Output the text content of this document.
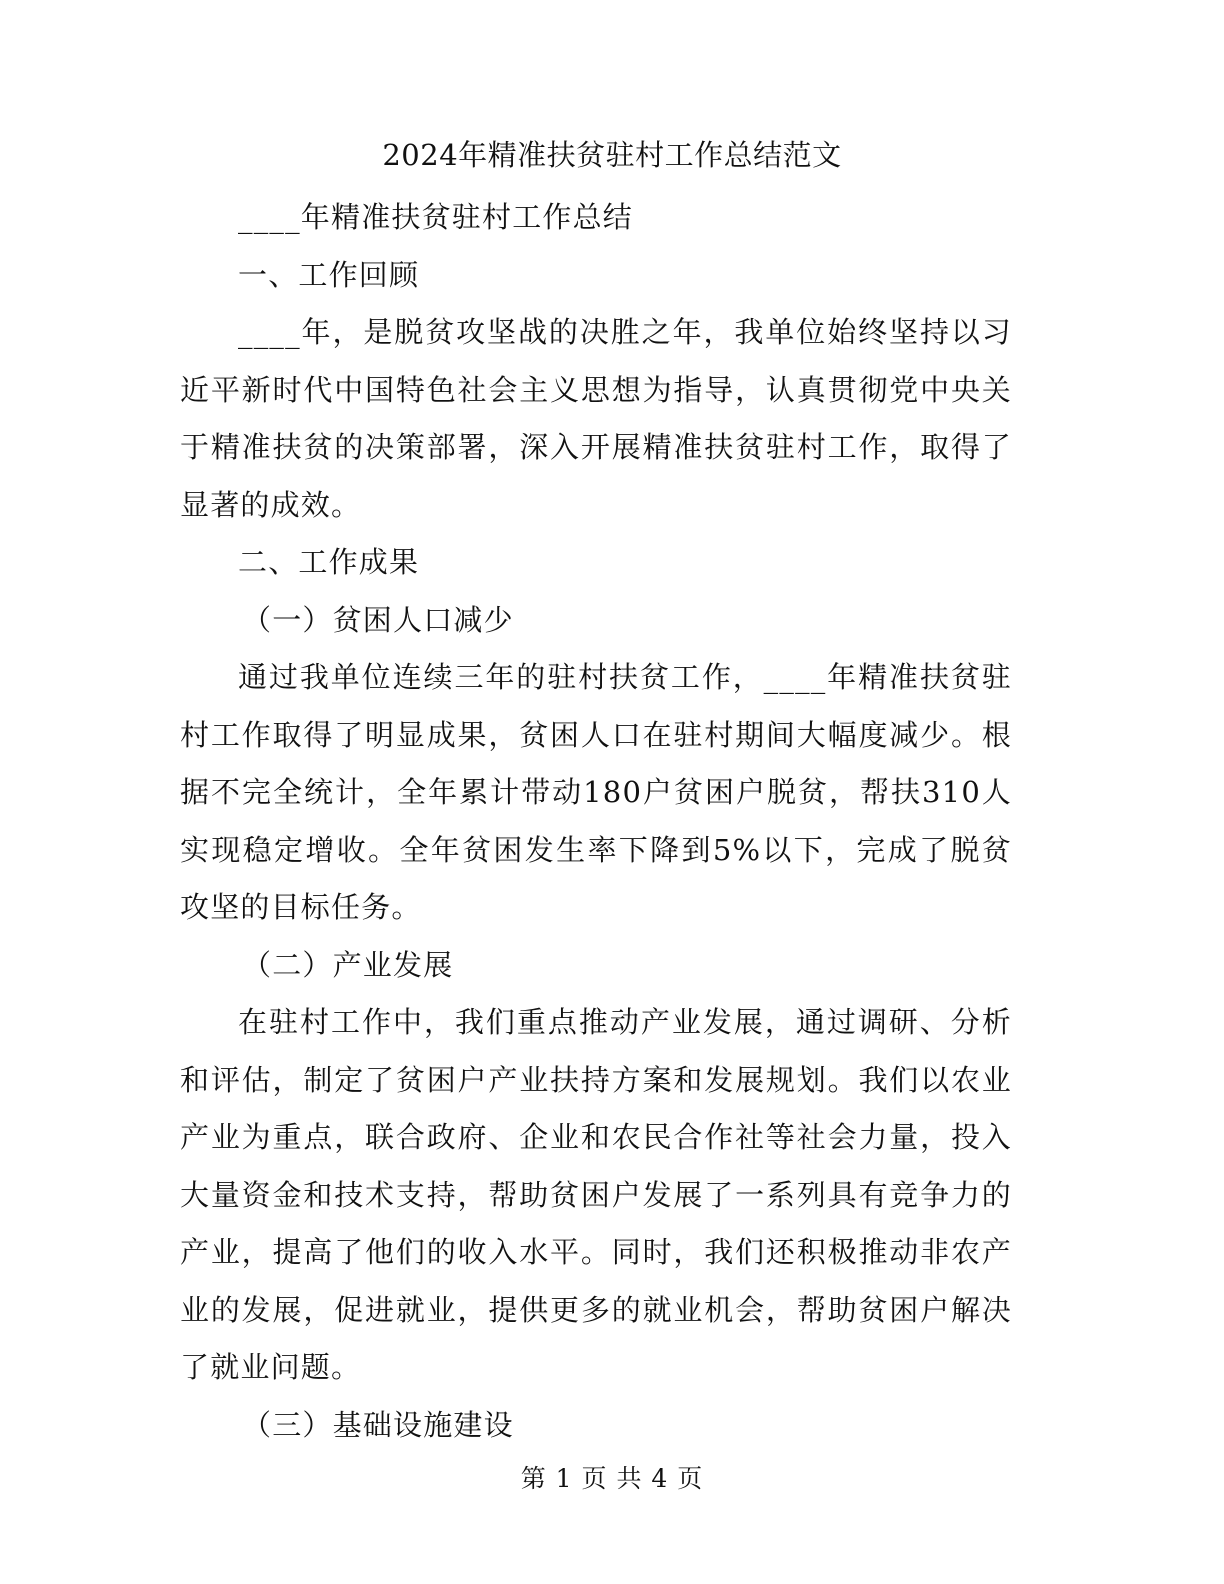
2024年精准扶贫驻村工作总结范文

____年精准扶贫驻村工作总结

一、工作回顾

____年，是脱贫攻坚战的决胜之年，我单位始终坚持以习近平新时代中国特色社会主义思想为指导，认真贯彻党中央关于精准扶贫的决策部署，深入开展精准扶贫驻村工作，取得了显著的成效。

二、工作成果

（一）贫困人口减少

通过我单位连续三年的驻村扶贫工作，____年精准扶贫驻村工作取得了明显成果，贫困人口在驻村期间大幅度减少。根据不完全统计，全年累计带动180户贫困户脱贫，帮扶310人实现稳定增收。全年贫困发生率下降到5%以下，完成了脱贫攻坚的目标任务。

（二）产业发展

在驻村工作中，我们重点推动产业发展，通过调研、分析和评估，制定了贫困户产业扶持方案和发展规划。我们以农业产业为重点，联合政府、企业和农民合作社等社会力量，投入大量资金和技术支持，帮助贫困户发展了一系列具有竞争力的产业，提高了他们的收入水平。同时，我们还积极推动非农产业的发展，促进就业，提供更多的就业机会，帮助贫困户解决了就业问题。

（三）基础设施建设

第 1 页 共 4 页
